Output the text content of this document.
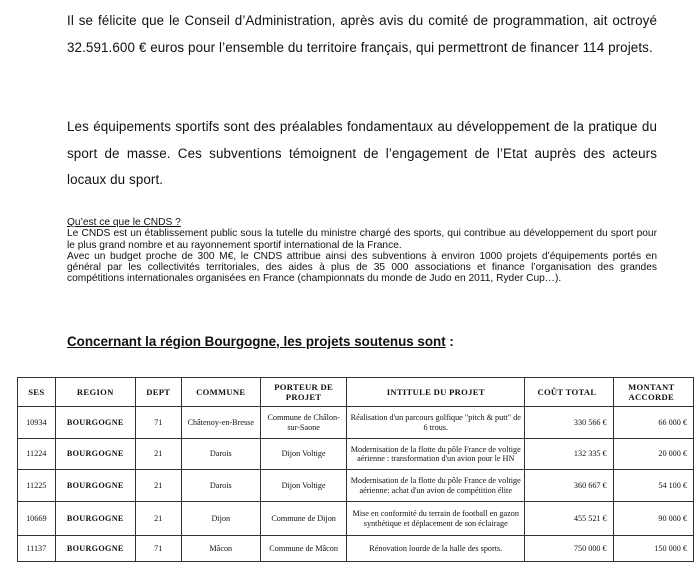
Il se félicite que le Conseil d’Administration, après avis du comité de programmation, ait octroyé 32.591.600 € euros pour l’ensemble du territoire français, qui permettront de financer 114 projets.
Les équipements sportifs sont des préalables fondamentaux au développement de la pratique du sport de masse. Ces subventions témoignent de l’engagement de l’Etat auprès des acteurs locaux du sport.
Qu’est ce que le CNDS ?

Le CNDS est un établissement public sous la tutelle du ministre chargé des sports, qui contribue au développement du sport pour le plus grand nombre et au rayonnement sportif international de la France.

Avec un budget proche de 300 M€, le CNDS attribue ainsi des subventions à environ 1000 projets d’équipements portés en général par les collectivités territoriales, des aides à plus de 35 000 associations et finance l’organisation des grandes compétitions internationales organisées en France (championnats du monde de Judo en 2011, Ryder Cup…).

Concernant la région Bourgogne, les projets soutenus sont :
SES	REGION	DEPT	COMMUNE	PORTEUR DE PROJET	INTITULE DU PROJET	COÛT TOTAL	MONTANT ACCORDE
10934	BOURGOGNE	71	Châtenoy-en-Bresse	Commune de Châlon-sur-Saone	Réalisation d'un parcours golfique "pitch & putt" de 6 trous.	330 566 €	66 000 €
11224	BOURGOGNE	21	Darois	Dijon Voltige	Modernisation de la flotte du pôle France de voltige aérienne : transformation d'un avion pour le HN	132 335 €	20 000 €
11225	BOURGOGNE	21	Darois	Dijon Voltige	Modernisation de la flotte du pôle France de voltige aérienne: achat d'un avion de compétition élite	360 667 €	54 100 €
10669	BOURGOGNE	21	Dijon	Commune de Dijon	Mise en conformité du terrain de football en gazon synthétique et déplacement de son éclairage	455 521 €	90 000 €
11137	BOURGOGNE	71	Mâcon	Commune de Mâcon	Rénovation lourde de la halle des sports.	750 000 €	150 000 €
